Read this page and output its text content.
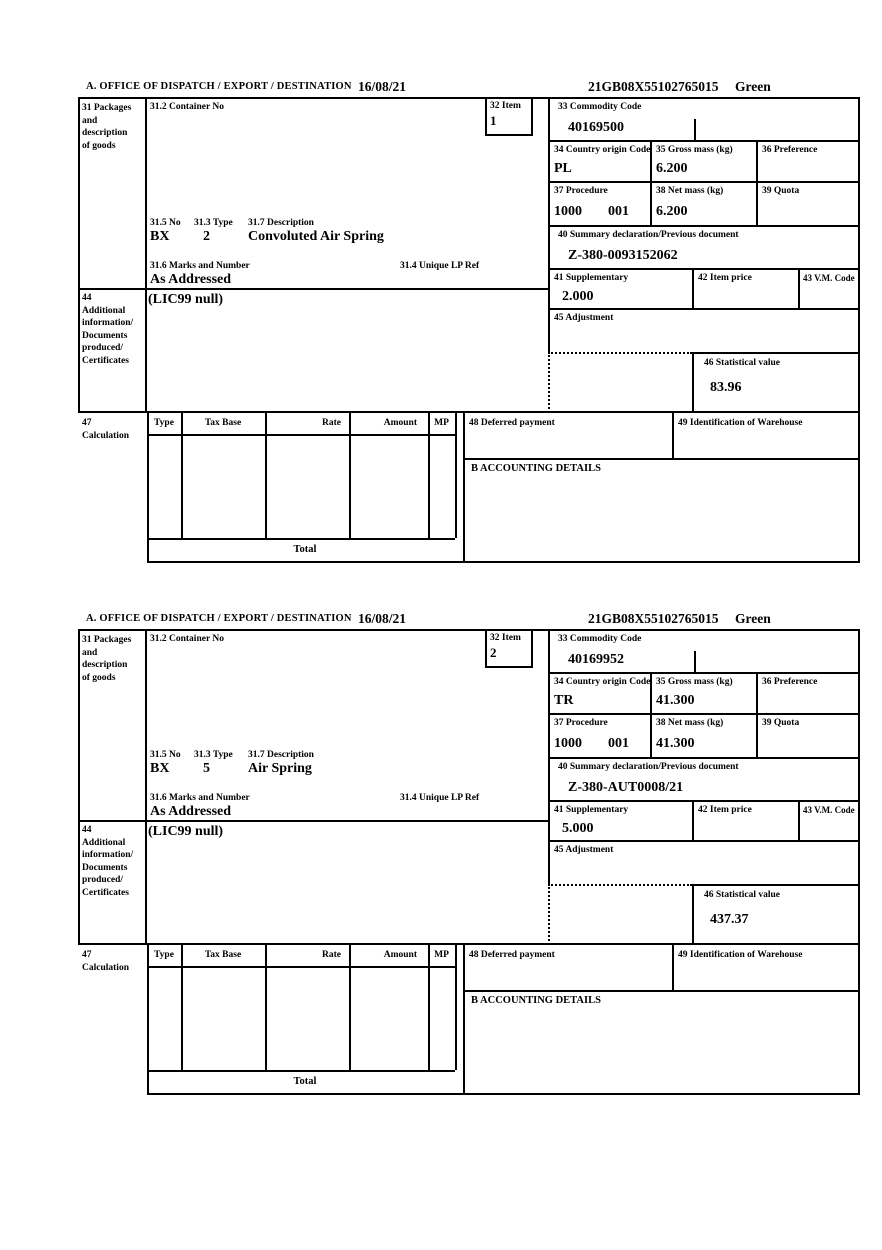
A. OFFICE OF DISPATCH / EXPORT / DESTINATION 16/08/21	21GB08X55102765015 Green
31 Packages
and
description
of goods
31.2 Container No	32 Item
1
31.5 No 31.3 Type 31.7 Description
BX 2	Convoluted Air Spring
31.6 Marks and Number	31.4 Unique LP Ref
As Addressed
44
Additional
information/
Documents
produced/
Certificates
(LIC99 null)
33 Commodity Code
40169500
34 Country origin Code
PL
35 Gross mass (kg)
6.200
36 Preference
37 Procedure
1000 001
38 Net mass (kg)
6.200
39 Quota
40 Summary declaration/Previous document
Z-380-0093152062
41 Supplementary
2.000
42 Item price	43 V.M. Code
45 Adjustment
46 Statistical value
83.96
47
Calculation
Type	Tax Base	Rate	Amount	MP
Total
48 Deferred payment	49 Identification of Warehouse
B ACCOUNTING DETAILS
A. OFFICE OF DISPATCH / EXPORT / DESTINATION 16/08/21	21GB08X55102765015 Green
31 Packages
and
description
of goods
31.2 Container No	32 Item
2
31.5 No 31.3 Type 31.7 Description
BX 5	Air Spring
31.6 Marks and Number	31.4 Unique LP Ref
As Addressed
44
Additional
information/
Documents
produced/
Certificates
(LIC99 null)
33 Commodity Code
40169952
34 Country origin Code
TR
35 Gross mass (kg)
41.300
36 Preference
37 Procedure
1000 001
38 Net mass (kg)
41.300
39 Quota
40 Summary declaration/Previous document
Z-380-AUT0008/21
41 Supplementary
5.000
42 Item price	43 V.M. Code
45 Adjustment
46 Statistical value
437.37
47
Calculation
Type	Tax Base	Rate	Amount	MP
Total
48 Deferred payment	49 Identification of Warehouse
B ACCOUNTING DETAILS
